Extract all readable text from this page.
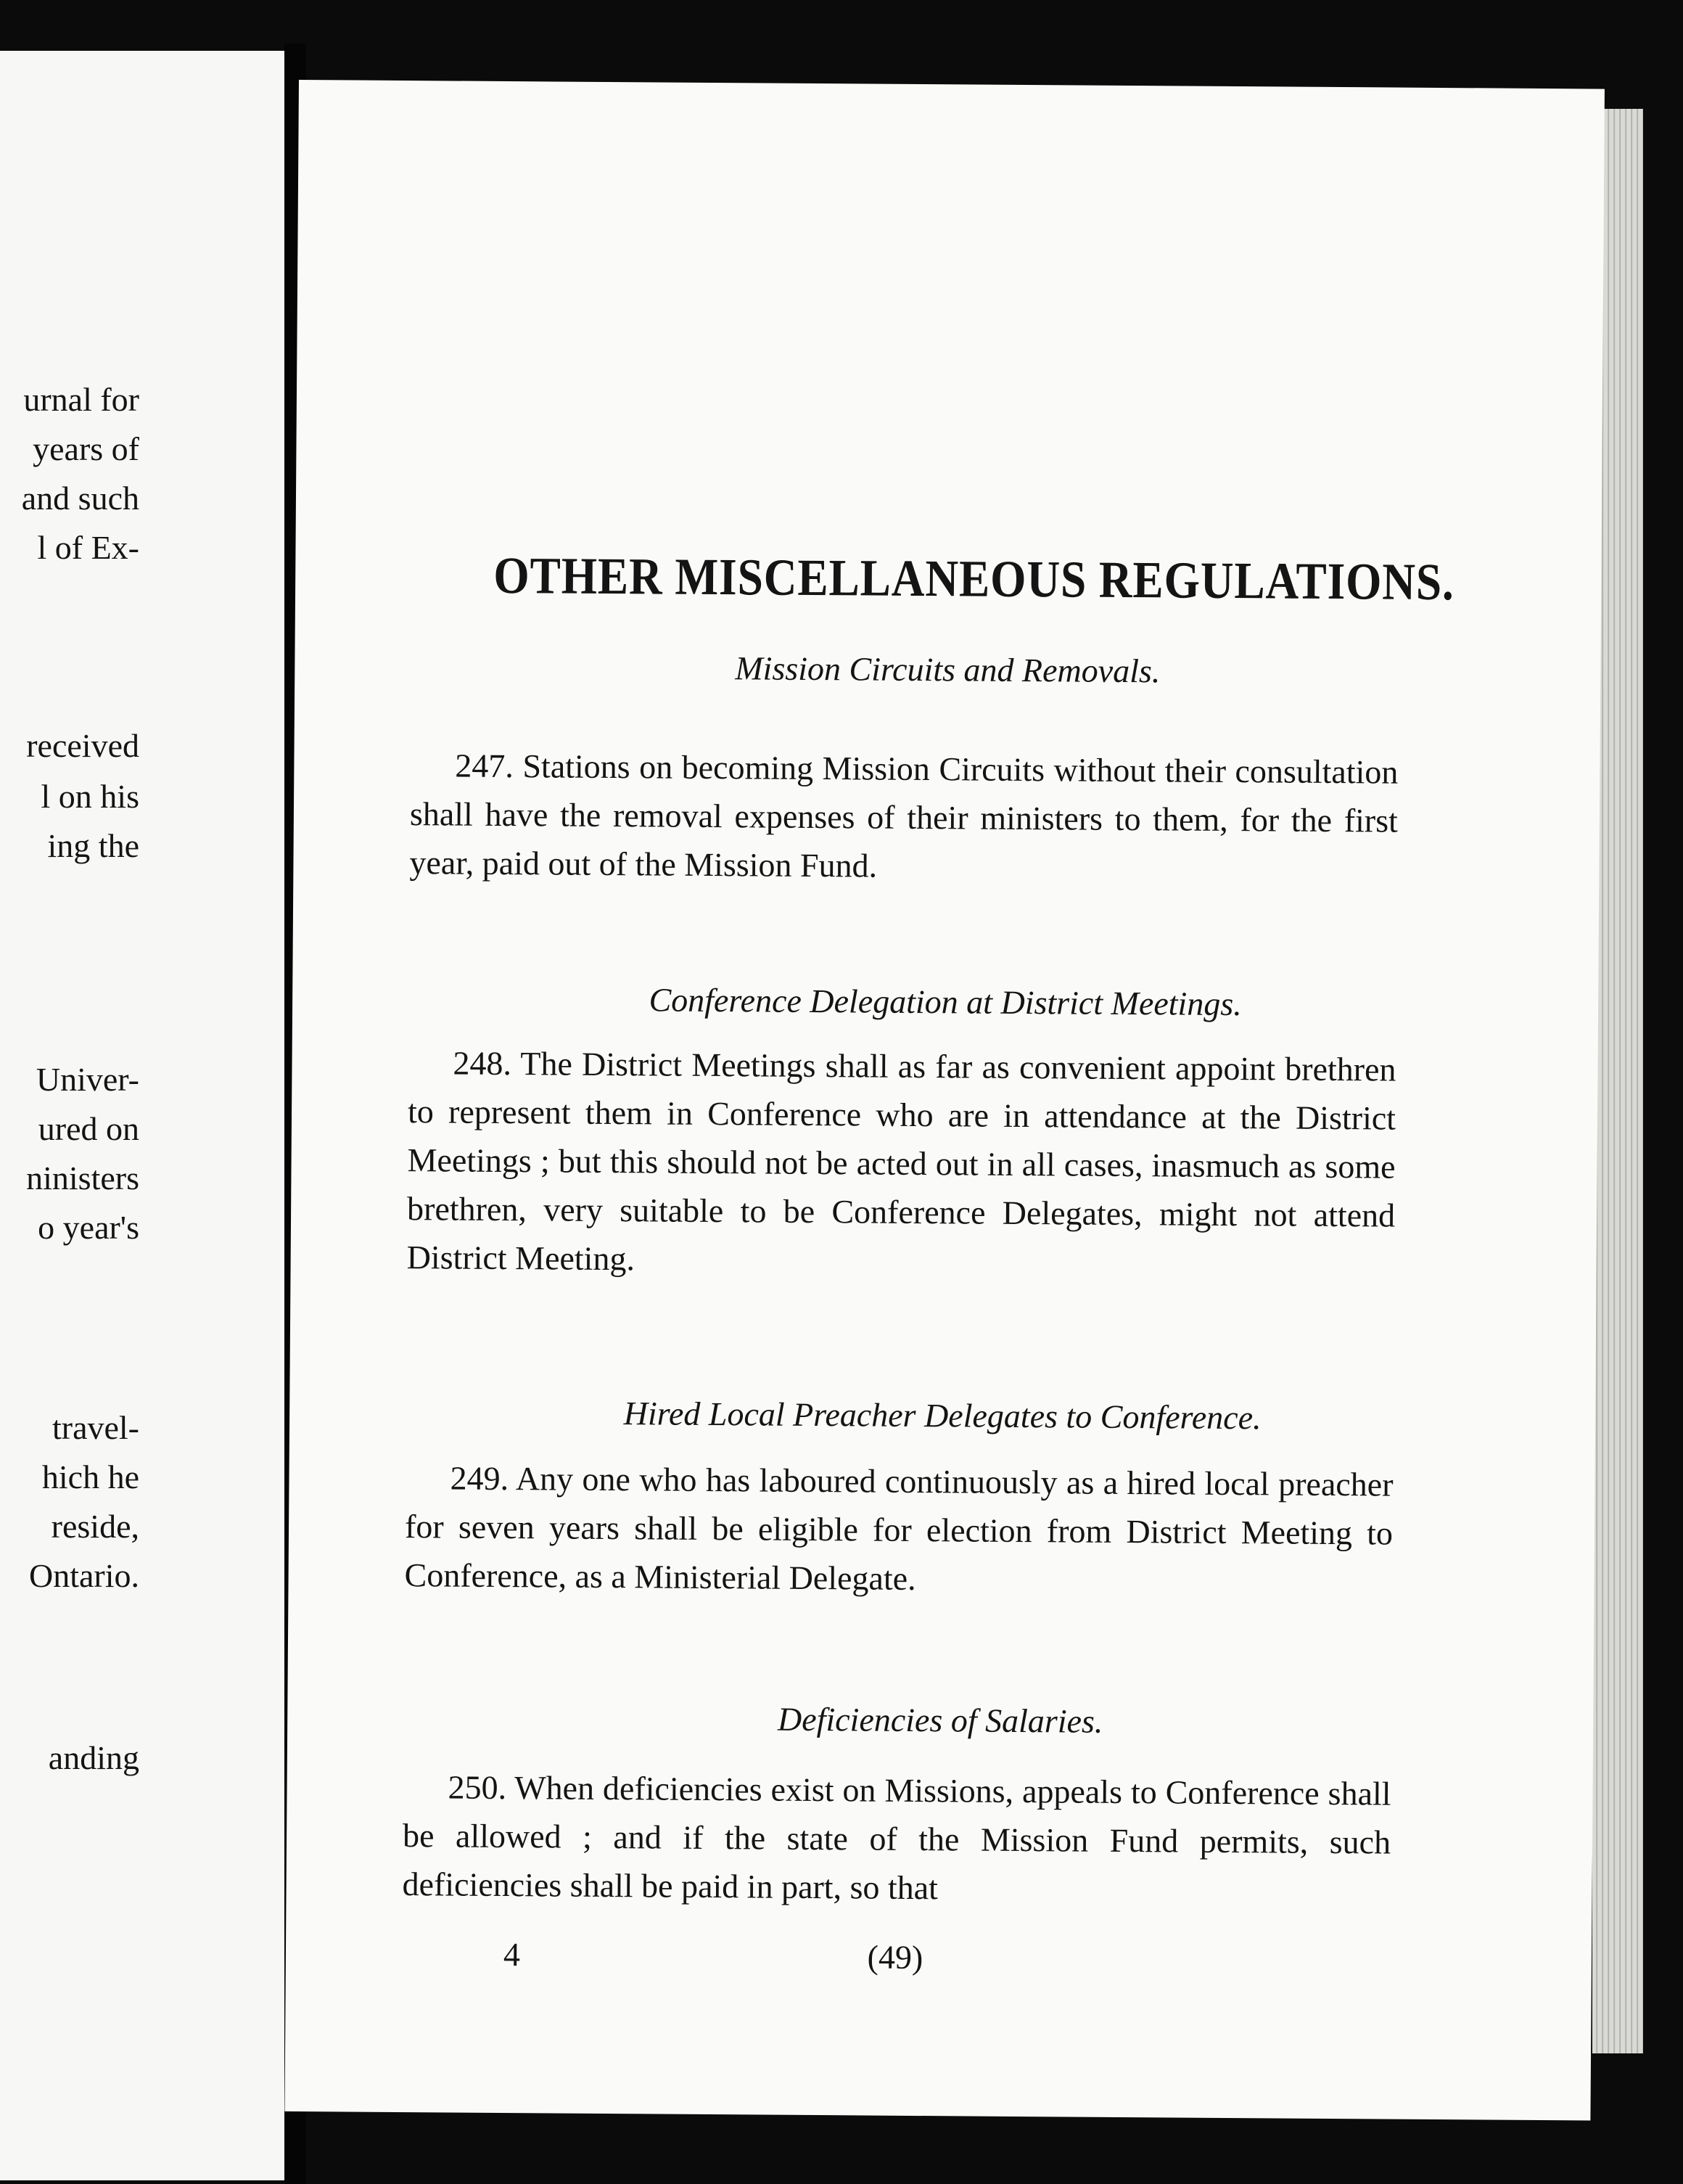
urnal for
years of
and such
l of Ex-
received
l on his
ing the
Univer-
ured on
ninisters
o year's
travel-
hich he
reside,
Ontario.
anding
OTHER MISCELLANEOUS REGULATIONS.
Mission Circuits and Removals.
247. Stations on becoming Mission Circuits without their consultation shall have the removal expenses of their ministers to them, for the first year, paid out of the Mission Fund.
Conference Delegation at District Meetings.
248. The District Meetings shall as far as convenient appoint brethren to represent them in Conference who are in attendance at the District Meetings ; but this should not be acted out in all cases, inasmuch as some brethren, very suitable to be Conference Delegates, might not attend District Meeting.
Hired Local Preacher Delegates to Conference.
249. Any one who has laboured continuously as a hired local preacher for seven years shall be eligible for election from District Meeting to Conference, as a Ministerial Delegate.
Deficiencies of Salaries.
250. When deficiencies exist on Missions, appeals to Conference shall be allowed ; and if the state of the Mission Fund permits, such deficiencies shall be paid in part, so that
4	(49)
